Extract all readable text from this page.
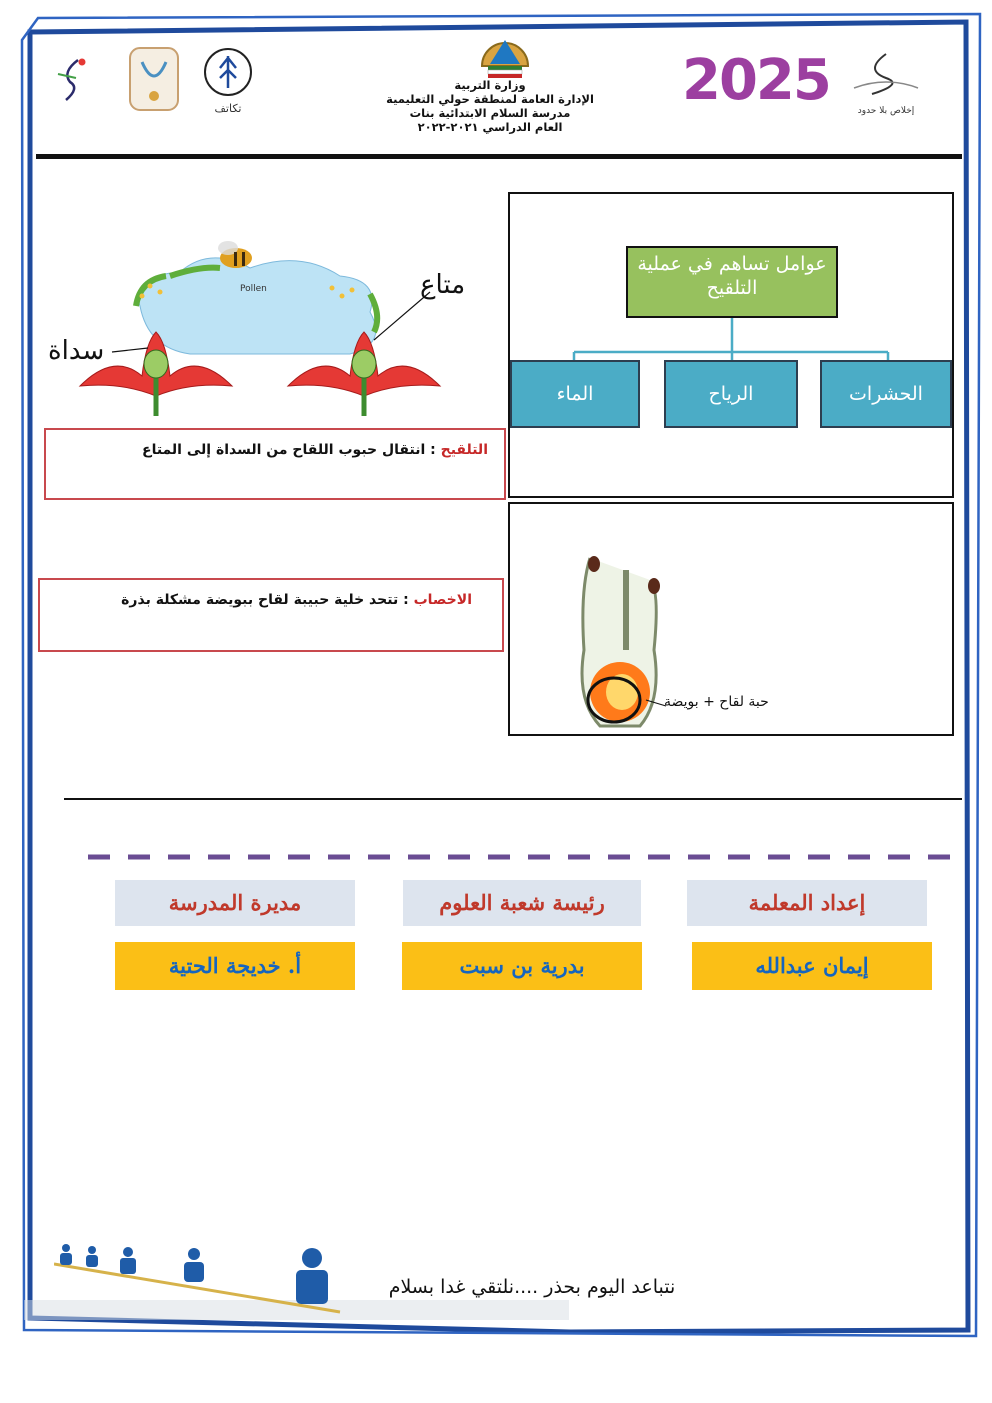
تكاتف
وزارة التربية
الإدارة العامة لمنطقة حولي التعليمية
مدرسة السلام الابتدائية بنات
العام الدراسي ٢٠٢١-٢٠٢٢
2025	إخلاص بلا حدود
Pollen	متاع
سداة
التلقيح : انتقال حبوب اللقاح من السداة إلى المتاع
الاخصاب : تتحد خلية حبيبة لقاح ببويضة مشكلة بذرة
عوامل تساهم في عملية التلقيح
الحشرات
الرياح
الماء
حبة لقاح + بويضة
إعداد المعلمة
رئيسة شعبة العلوم
مديرة المدرسة
إيمان عبدالله
بدرية بن سبت
أ. خديجة الحتية
نتباعد اليوم بحذر ....نلتقي غدا بسلام
